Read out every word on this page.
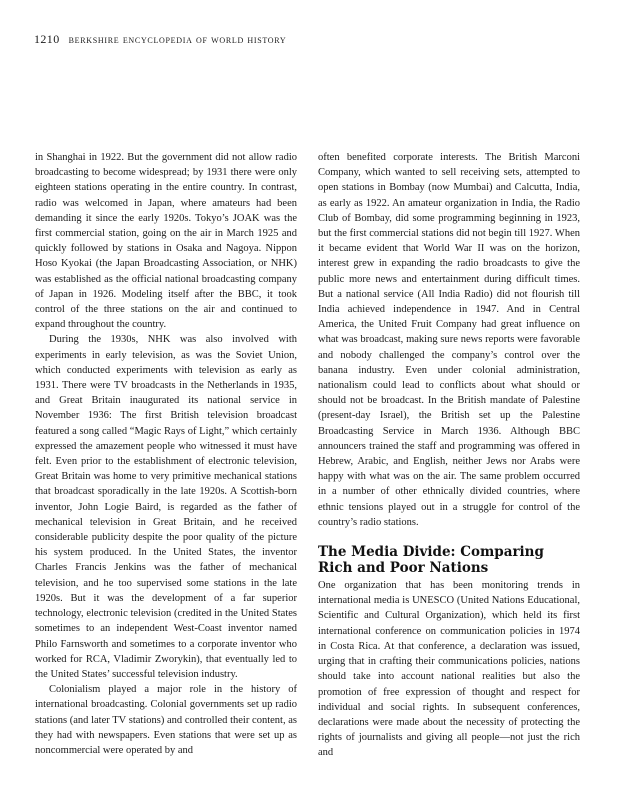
1210 berkshire encyclopedia of world history

in Shanghai in 1922. But the government did not allow radio broadcasting to become widespread; by 1931 there were only eighteen stations operating in the entire country. In contrast, radio was welcomed in Japan, where amateurs had been demanding it since the early 1920s. Tokyo’s JOAK was the first commercial station, going on the air in March 1925 and quickly followed by stations in Osaka and Nagoya. Nippon Hoso Kyokai (the Japan Broadcasting Association, or NHK) was established as the official national broadcasting company of Japan in 1926. Modeling itself after the BBC, it took control of the three stations on the air and continued to expand throughout the country.

During the 1930s, NHK was also involved with experiments in early television, as was the Soviet Union, which conducted experiments with television as early as 1931. There were TV broadcasts in the Netherlands in 1935, and Great Britain inaugurated its national service in November 1936: The first British television broadcast featured a song called “Magic Rays of Light,” which certainly expressed the amazement people who witnessed it must have felt. Even prior to the establishment of electronic television, Great Britain was home to very primitive mechanical stations that broadcast sporadically in the late 1920s. A Scottish-born inventor, John Logie Baird, is regarded as the father of mechanical television in Great Britain, and he received considerable publicity despite the poor quality of the picture his system produced. In the United States, the inventor Charles Francis Jenkins was the father of mechanical television, and he too supervised some stations in the late 1920s. But it was the development of a far superior technology, electronic television (credited in the United States sometimes to an independent West-Coast inventor named Philo Farnsworth and sometimes to a corporate inventor who worked for RCA, Vladimir Zworykin), that eventually led to the United States’ successful television industry.

Colonialism played a major role in the history of international broadcasting. Colonial governments set up radio stations (and later TV stations) and controlled their content, as they had with newspapers. Even stations that were set up as noncommercial were operated by and

often benefited corporate interests. The British Marconi Company, which wanted to sell receiving sets, attempted to open stations in Bombay (now Mumbai) and Calcutta, India, as early as 1922. An amateur organization in India, the Radio Club of Bombay, did some programming beginning in 1923, but the first commercial stations did not begin till 1927. When it became evident that World War II was on the horizon, interest grew in expanding the radio broadcasts to give the public more news and entertainment during difficult times. But a national service (All India Radio) did not flourish till India achieved independence in 1947. And in Central America, the United Fruit Company had great influence on what was broadcast, making sure news reports were favorable and nobody challenged the company’s control over the banana industry. Even under colonial administration, nationalism could lead to conflicts about what should or should not be broadcast. In the British mandate of Palestine (present-day Israel), the British set up the Palestine Broadcasting Service in March 1936. Although BBC announcers trained the staff and programming was offered in Hebrew, Arabic, and English, neither Jews nor Arabs were happy with what was on the air. The same problem occurred in a number of other ethnically divided countries, where ethnic tensions played out in a struggle for control of the country’s radio stations.

The Media Divide: Comparing Rich and Poor Nations

One organization that has been monitoring trends in international media is UNESCO (United Nations Educational, Scientific and Cultural Organization), which held its first international conference on communication policies in 1974 in Costa Rica. At that conference, a declaration was issued, urging that in crafting their communications policies, nations should take into account national realities but also the promotion of free expression of thought and respect for individual and social rights. In subsequent conferences, declarations were made about the necessity of protecting the rights of journalists and giving all people—not just the rich and
